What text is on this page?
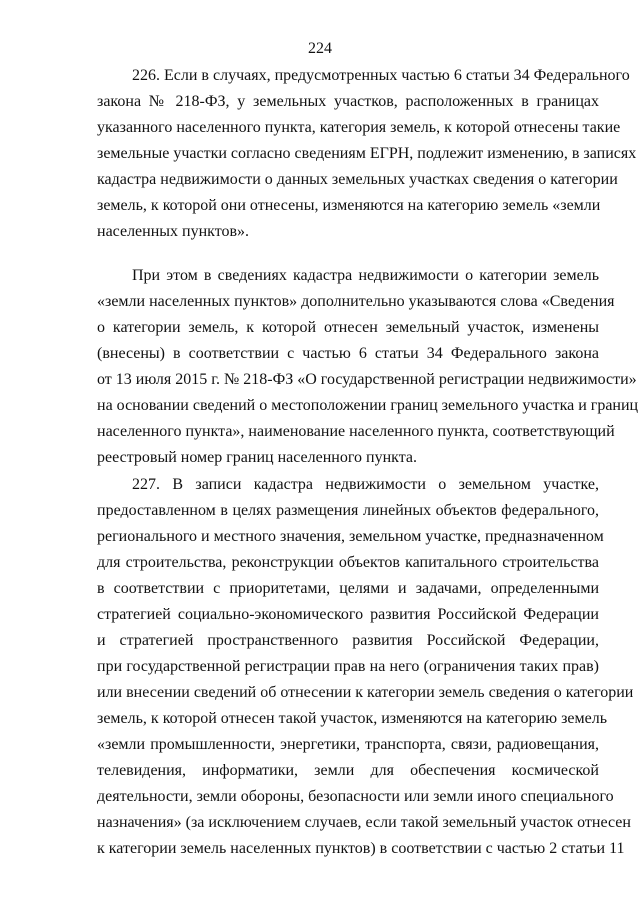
224
226. Если в случаях, предусмотренных частью 6 статьи 34 Федерального
закона № 218-ФЗ, у земельных участков, расположенных в границах
указанного населенного пункта, категория земель, к которой отнесены такие
земельные участки согласно сведениям ЕГРН, подлежит изменению, в записях
кадастра недвижимости о данных земельных участках сведения о категории
земель, к которой они отнесены, изменяются на категорию земель «земли
населенных пунктов».
При этом в сведениях кадастра недвижимости о категории земель
«земли населенных пунктов» дополнительно указываются слова «Сведения
о категории земель, к которой отнесен земельный участок, изменены
(внесены) в соответствии с частью 6 статьи 34 Федерального закона
от 13 июля 2015 г. № 218-ФЗ «О государственной регистрации недвижимости»
на основании сведений о местоположении границ земельного участка и границ
населенного пункта», наименование населенного пункта, соответствующий
реестровый номер границ населенного пункта.
227. В записи кадастра недвижимости о земельном участке,
предоставленном в целях размещения линейных объектов федерального,
регионального и местного значения, земельном участке, предназначенном
для строительства, реконструкции объектов капитального строительства
в соответствии с приоритетами, целями и задачами, определенными
стратегией социально-экономического развития Российской Федерации
и стратегией пространственного развития Российской Федерации,
при государственной регистрации прав на него (ограничения таких прав)
или внесении сведений об отнесении к категории земель сведения о категории
земель, к которой отнесен такой участок, изменяются на категорию земель
«земли промышленности, энергетики, транспорта, связи, радиовещания,
телевидения, информатики, земли для обеспечения космической
деятельности, земли обороны, безопасности или земли иного специального
назначения» (за исключением случаев, если такой земельный участок отнесен
к категории земель населенных пунктов) в соответствии с частью 2 статьи 11
